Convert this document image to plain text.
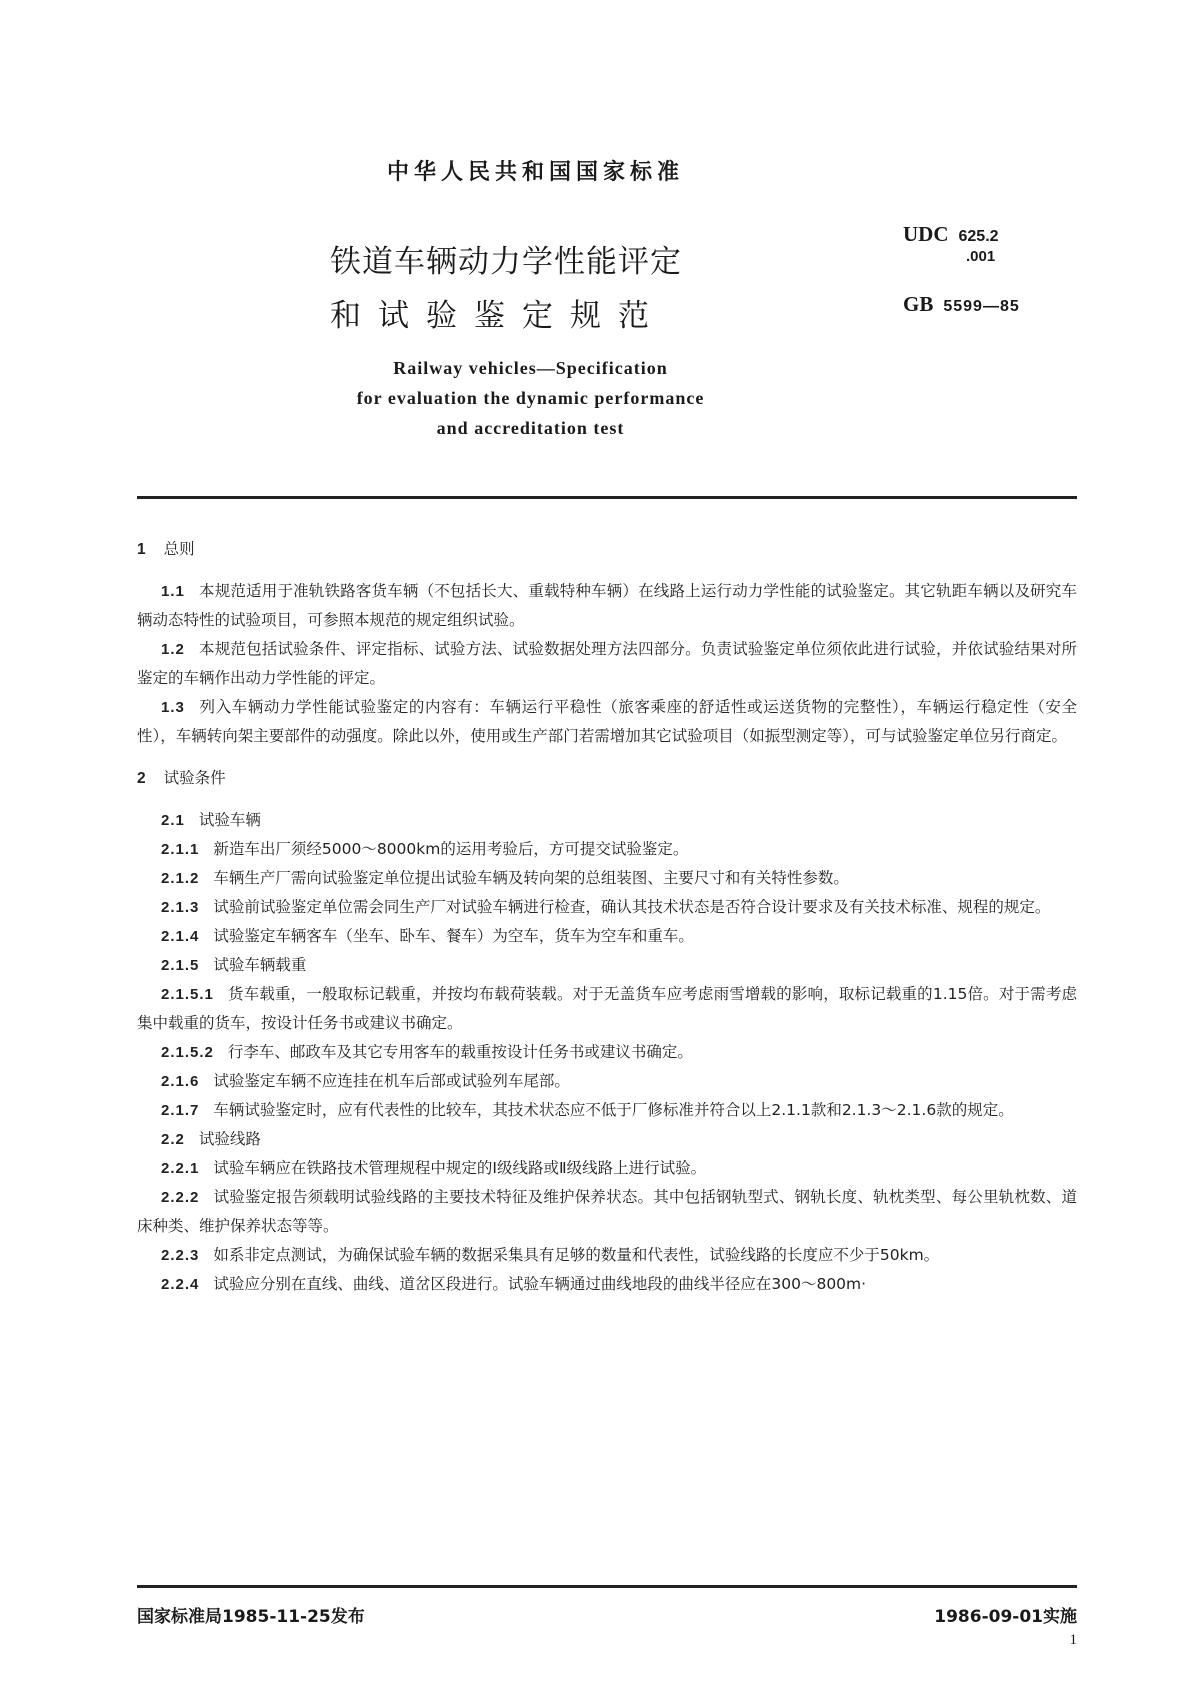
中华人民共和国国家标准
铁道车辆动力学性能评定
和试验鉴定规范
Railway vehicles—Specification
for evaluation the dynamic performance
and accreditation test
UDC 625.2
.001
GB 5599—85
1 总则

1.1 本规范适用于准轨铁路客货车辆（不包括长大、重载特种车辆）在线路上运行动力学性能的试验鉴定。其它轨距车辆以及研究车辆动态特性的试验项目，可参照本规范的规定组织试验。

1.2 本规范包括试验条件、评定指标、试验方法、试验数据处理方法四部分。负责试验鉴定单位须依此进行试验，并依试验结果对所鉴定的车辆作出动力学性能的评定。

1.3 列入车辆动力学性能试验鉴定的内容有：车辆运行平稳性（旅客乘座的舒适性或运送货物的完整性），车辆运行稳定性（安全性），车辆转向架主要部件的动强度。除此以外，使用或生产部门若需增加其它试验项目（如振型测定等），可与试验鉴定单位另行商定。

2 试验条件

2.1 试验车辆

2.1.1 新造车出厂须经5000～8000km的运用考验后，方可提交试验鉴定。

2.1.2 车辆生产厂需向试验鉴定单位提出试验车辆及转向架的总组装图、主要尺寸和有关特性参数。

2.1.3 试验前试验鉴定单位需会同生产厂对试验车辆进行检查，确认其技术状态是否符合设计要求及有关技术标准、规程的规定。

2.1.4 试验鉴定车辆客车（坐车、卧车、餐车）为空车，货车为空车和重车。

2.1.5 试验车辆载重

2.1.5.1 货车载重，一般取标记载重，并按均布载荷装载。对于无盖货车应考虑雨雪增载的影响，取标记载重的1.15倍。对于需考虑集中载重的货车，按设计任务书或建议书确定。

2.1.5.2 行李车、邮政车及其它专用客车的载重按设计任务书或建议书确定。

2.1.6 试验鉴定车辆不应连挂在机车后部或试验列车尾部。

2.1.7 车辆试验鉴定时，应有代表性的比较车，其技术状态应不低于厂修标准并符合以上2.1.1款和2.1.3～2.1.6款的规定。

2.2 试验线路

2.2.1 试验车辆应在铁路技术管理规程中规定的Ⅰ级线路或Ⅱ级线路上进行试验。

2.2.2 试验鉴定报告须载明试验线路的主要技术特征及维护保养状态。其中包括钢轨型式、钢轨长度、轨枕类型、每公里轨枕数、道床种类、维护保养状态等等。

2.2.3 如系非定点测试，为确保试验车辆的数据采集具有足够的数量和代表性，试验线路的长度应不少于50km。

2.2.4 试验应分别在直线、曲线、道岔区段进行。试验车辆通过曲线地段的曲线半径应在300～800m·

国家标准局1985-11-25发布	1986-09-01实施
1
